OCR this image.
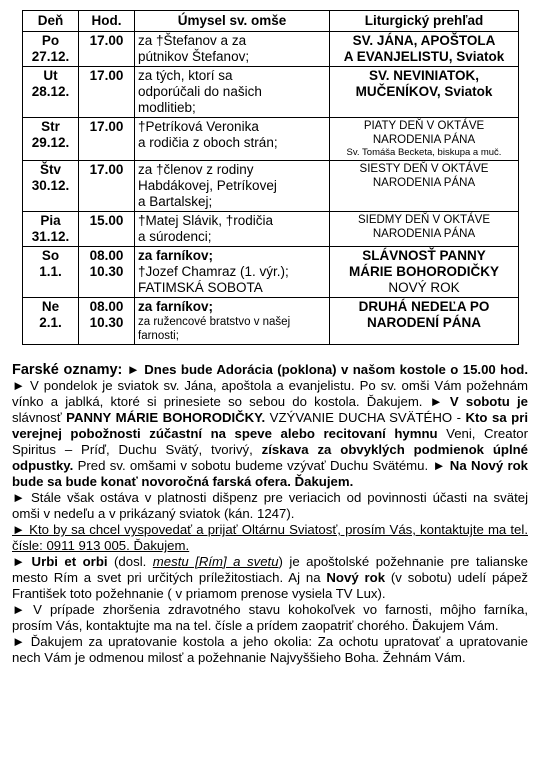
Deň	Hod.	Úmysel sv. omše	Liturgický prehľad

Po
27.12.	17.00	za †Štefanov a za
pútnikov Štefanov;	SV. JÁNA, APOŠTOLA
A EVANJELISTU, Sviatok

Ut
28.12.	17.00	za tých, ktorí sa
odporúčali do našich
modlitieb;	SV. NEVINIATOK,
MUČENÍKOV, Sviatok

Str
29.12.	17.00	†Petríková Veronika
a rodičia z oboch strán;	PIATY DEŇ V OKTÁVE
NARODENIA PÁNA
Sv. Tomáša Becketa, biskupa a muč.

Štv
30.12.	17.00	za †členov z rodiny
Habdákovej, Petríkovej
a Bartalskej;	SIESTY DEŇ V OKTÁVE
NARODENIA PÁNA

Pia
31.12.	15.00	†Matej Slávik, †rodičia
a súrodenci;	SIEDMY DEŇ V OKTÁVE
NARODENIA PÁNA

So
1.1.	08.00
10.30	za farníkov;
†Jozef Chamraz (1. výr.);
FATIMSKÁ SOBOTA	SLÁVNOSŤ PANNY
MÁRIE BOHORODIČKY
NOVÝ ROK

Ne
2.1.	08.00
10.30	za farníkov;
za ružencové bratstvo v našej
farnosti;	DRUHÁ NEDEĽA PO
NARODENÍ PÁNA

Farské oznamy: ► Dnes bude Adorácia (poklona) v našom kostole o 15.00 hod. ► V pondelok je sviatok sv. Jána, apoštola a evanjelistu. Po sv. omši Vám požehnám vínko a jablká, ktoré si prinesiete so sebou do kostola. Ďakujem. ► V sobotu je slávnosť PANNY MÁRIE BOHORODIČKY. VZÝVANIE DUCHA SVÄTÉHO - Kto sa pri verejnej pobožnosti zúčastní na speve alebo recitovaní hymnu Veni, Creator Spiritus – Príď, Duchu Svätý, tvorivý, získava za obvyklých podmienok úplné odpustky. Pred sv. omšami v sobotu budeme vzývať Duchu Svätému. ► Na Nový rok bude sa bude konať novoročná farská ofera. Ďakujem.

► Stále však ostáva v platnosti dišpenz pre veriacich od povinnosti účasti na svätej omši v nedeľu a v prikázaný sviatok (kán. 1247).

► Kto by sa chcel vyspovedať a prijať Oltárnu Sviatosť, prosím Vás, kontaktujte ma tel. čísle: 0911 913 005. Ďakujem.

► Urbi et orbi (dosl. mestu [Rím] a svetu) je apoštolské požehnanie pre talianske mesto Rím a svet pri určitých príležitostiach. Aj na Nový rok (v sobotu) udelí pápež František toto požehnanie ( v priamom prenose vysiela TV Lux).

► V prípade zhoršenia zdravotného stavu kohokoľvek vo farnosti, môjho farníka, prosím Vás, kontaktujte ma na tel. čísle a prídem zaopatriť chorého. Ďakujem Vám.

► Ďakujem za upratovanie kostola a jeho okolia: Za ochotu upratovať a upratovanie nech Vám je odmenou milosť a požehnanie Najvyššieho Boha. Žehnám Vám.
